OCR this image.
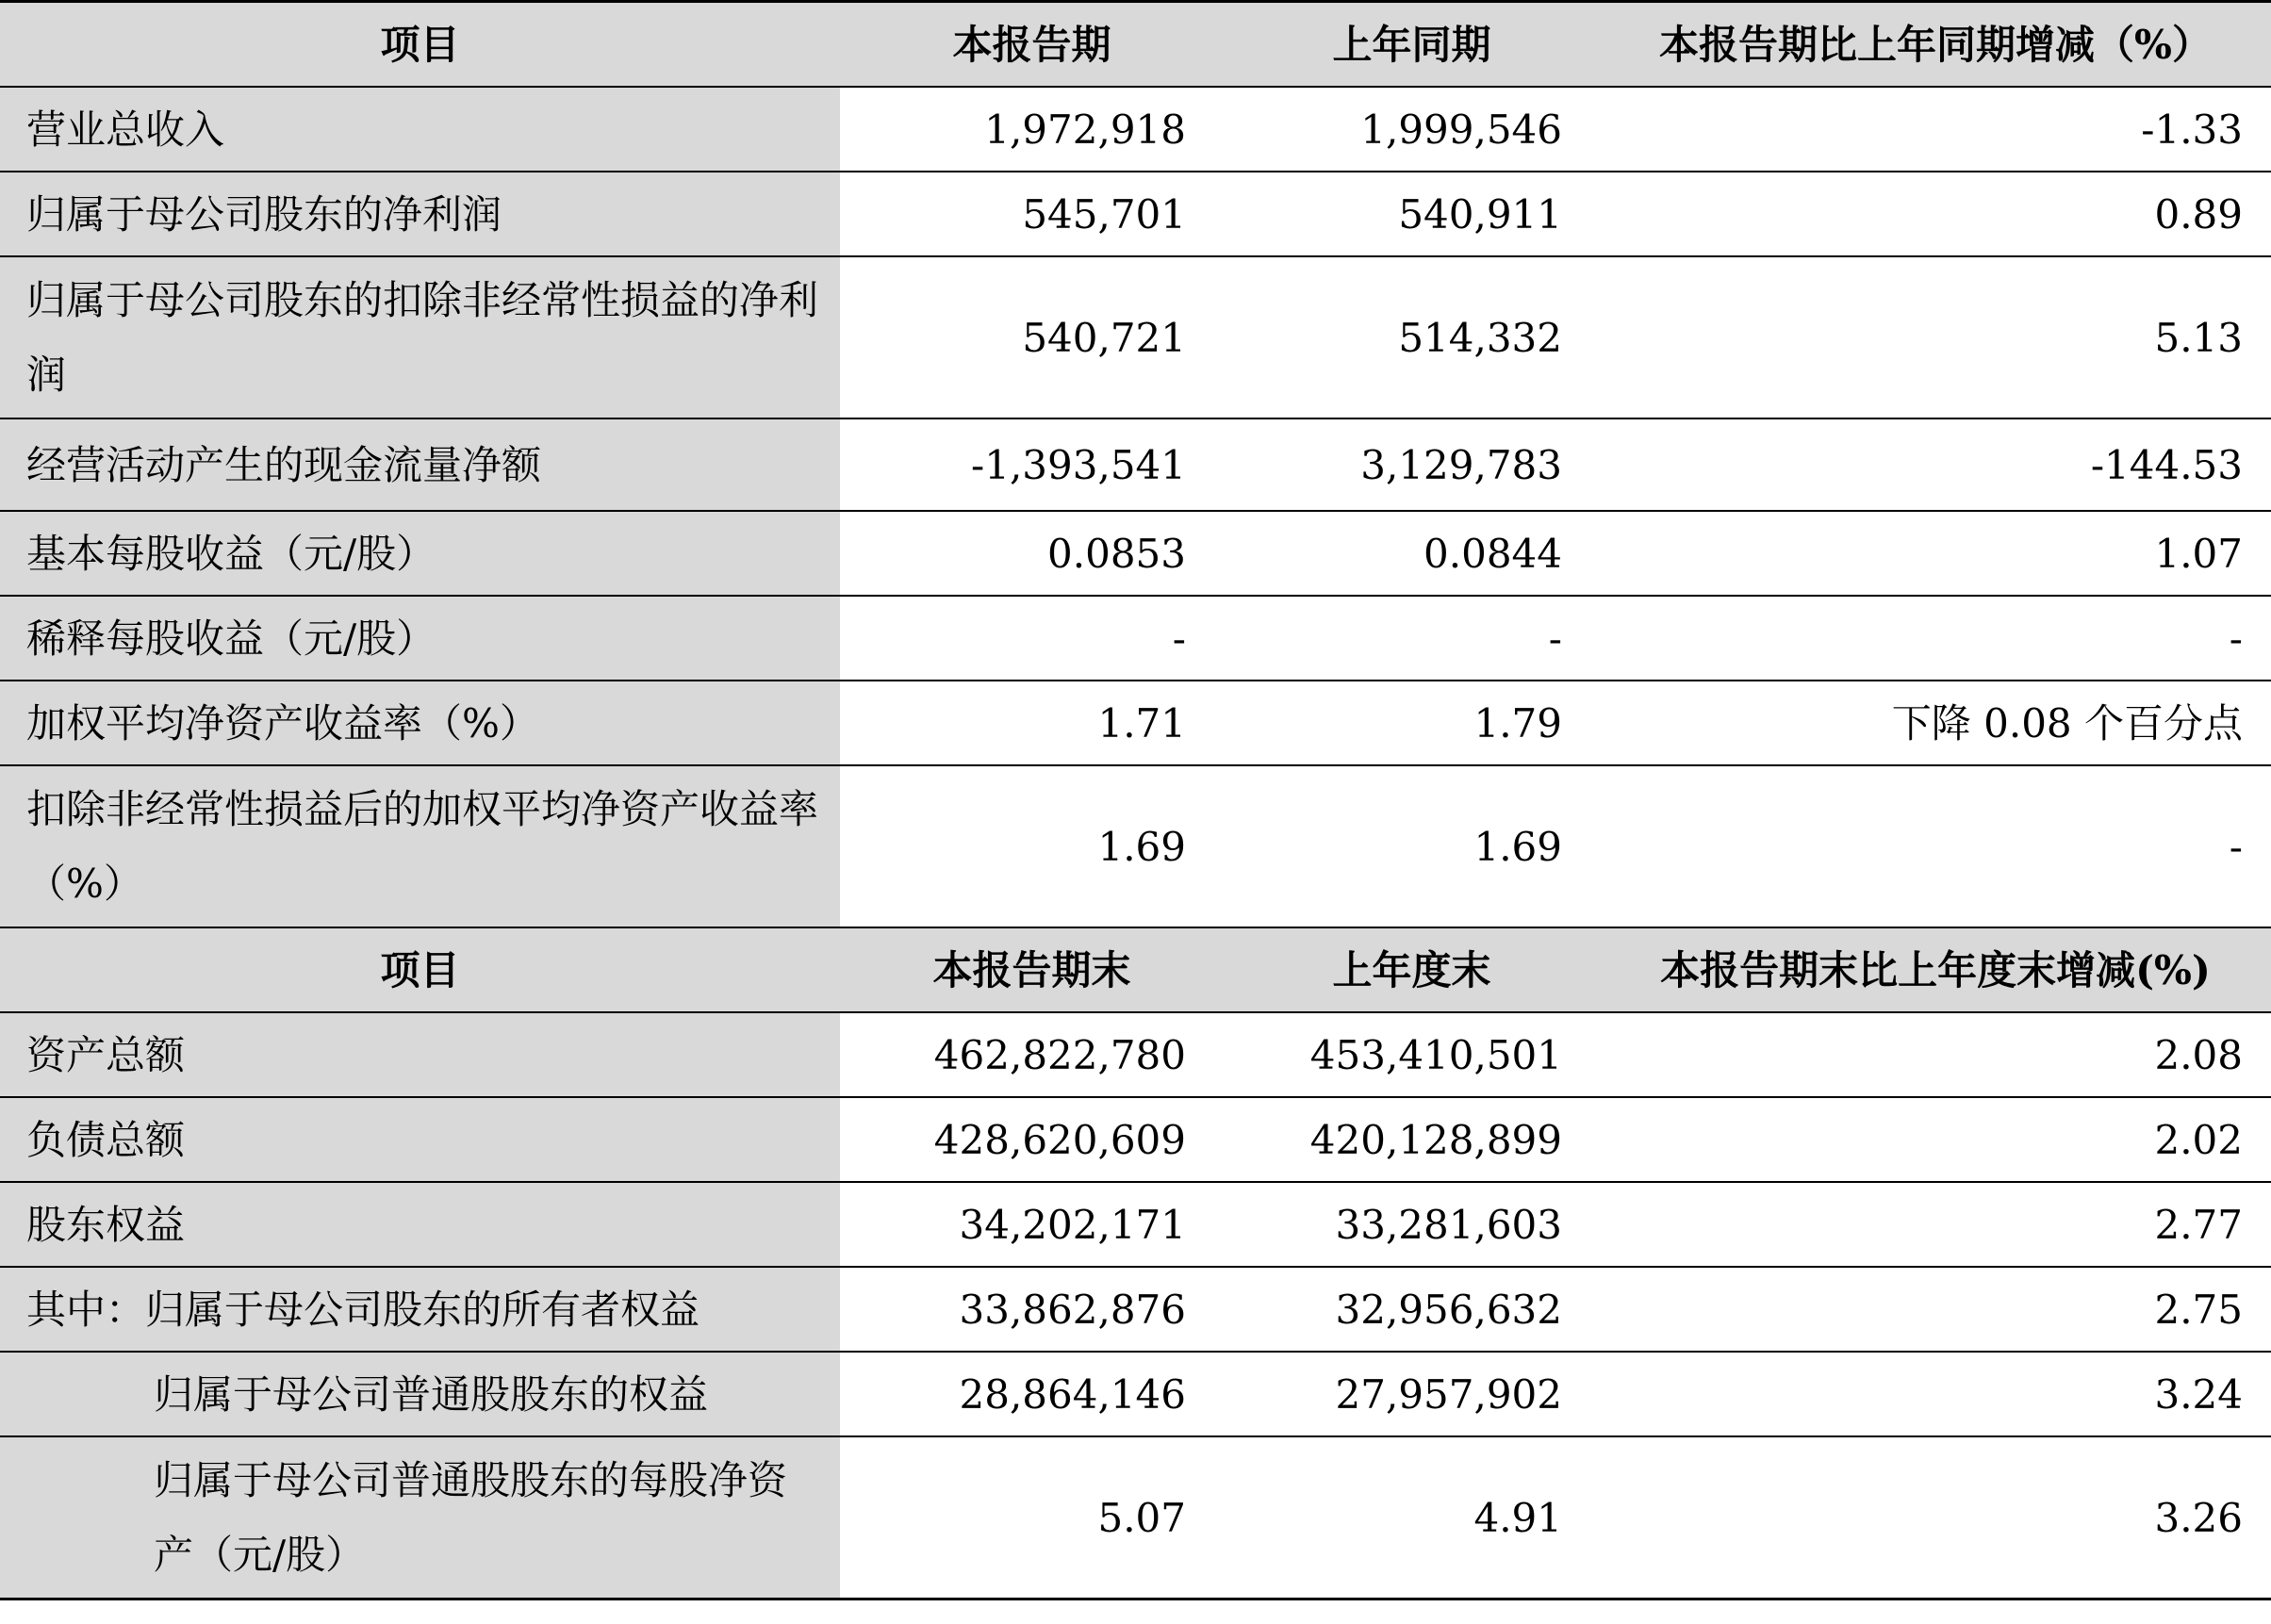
项目	本报告期	上年同期	本报告期比上年同期增减（%）
营业总收入	1,972,918	1,999,546	-1.33
归属于母公司股东的净利润	545,701	540,911	0.89
归属于母公司股东的扣除非经常性损益的净利润	540,721	514,332	5.13
经营活动产生的现金流量净额	-1,393,541	3,129,783	-144.53
基本每股收益（元/股）	0.0853	0.0844	1.07
稀释每股收益（元/股）	-	-	-
加权平均净资产收益率（%）	1.71	1.79	下降 0.08 个百分点
扣除非经常性损益后的加权平均净资产收益率（%）	1.69	1.69	-
项目	本报告期末	上年度末	本报告期末比上年度末增减(%)
资产总额	462,822,780	453,410,501	2.08
负债总额	428,620,609	420,128,899	2.02
股东权益	34,202,171	33,281,603	2.77
其中：归属于母公司股东的所有者权益	33,862,876	32,956,632	2.75
归属于母公司普通股股东的权益	28,864,146	27,957,902	3.24
归属于母公司普通股股东的每股净资产（元/股）	5.07	4.91	3.26
